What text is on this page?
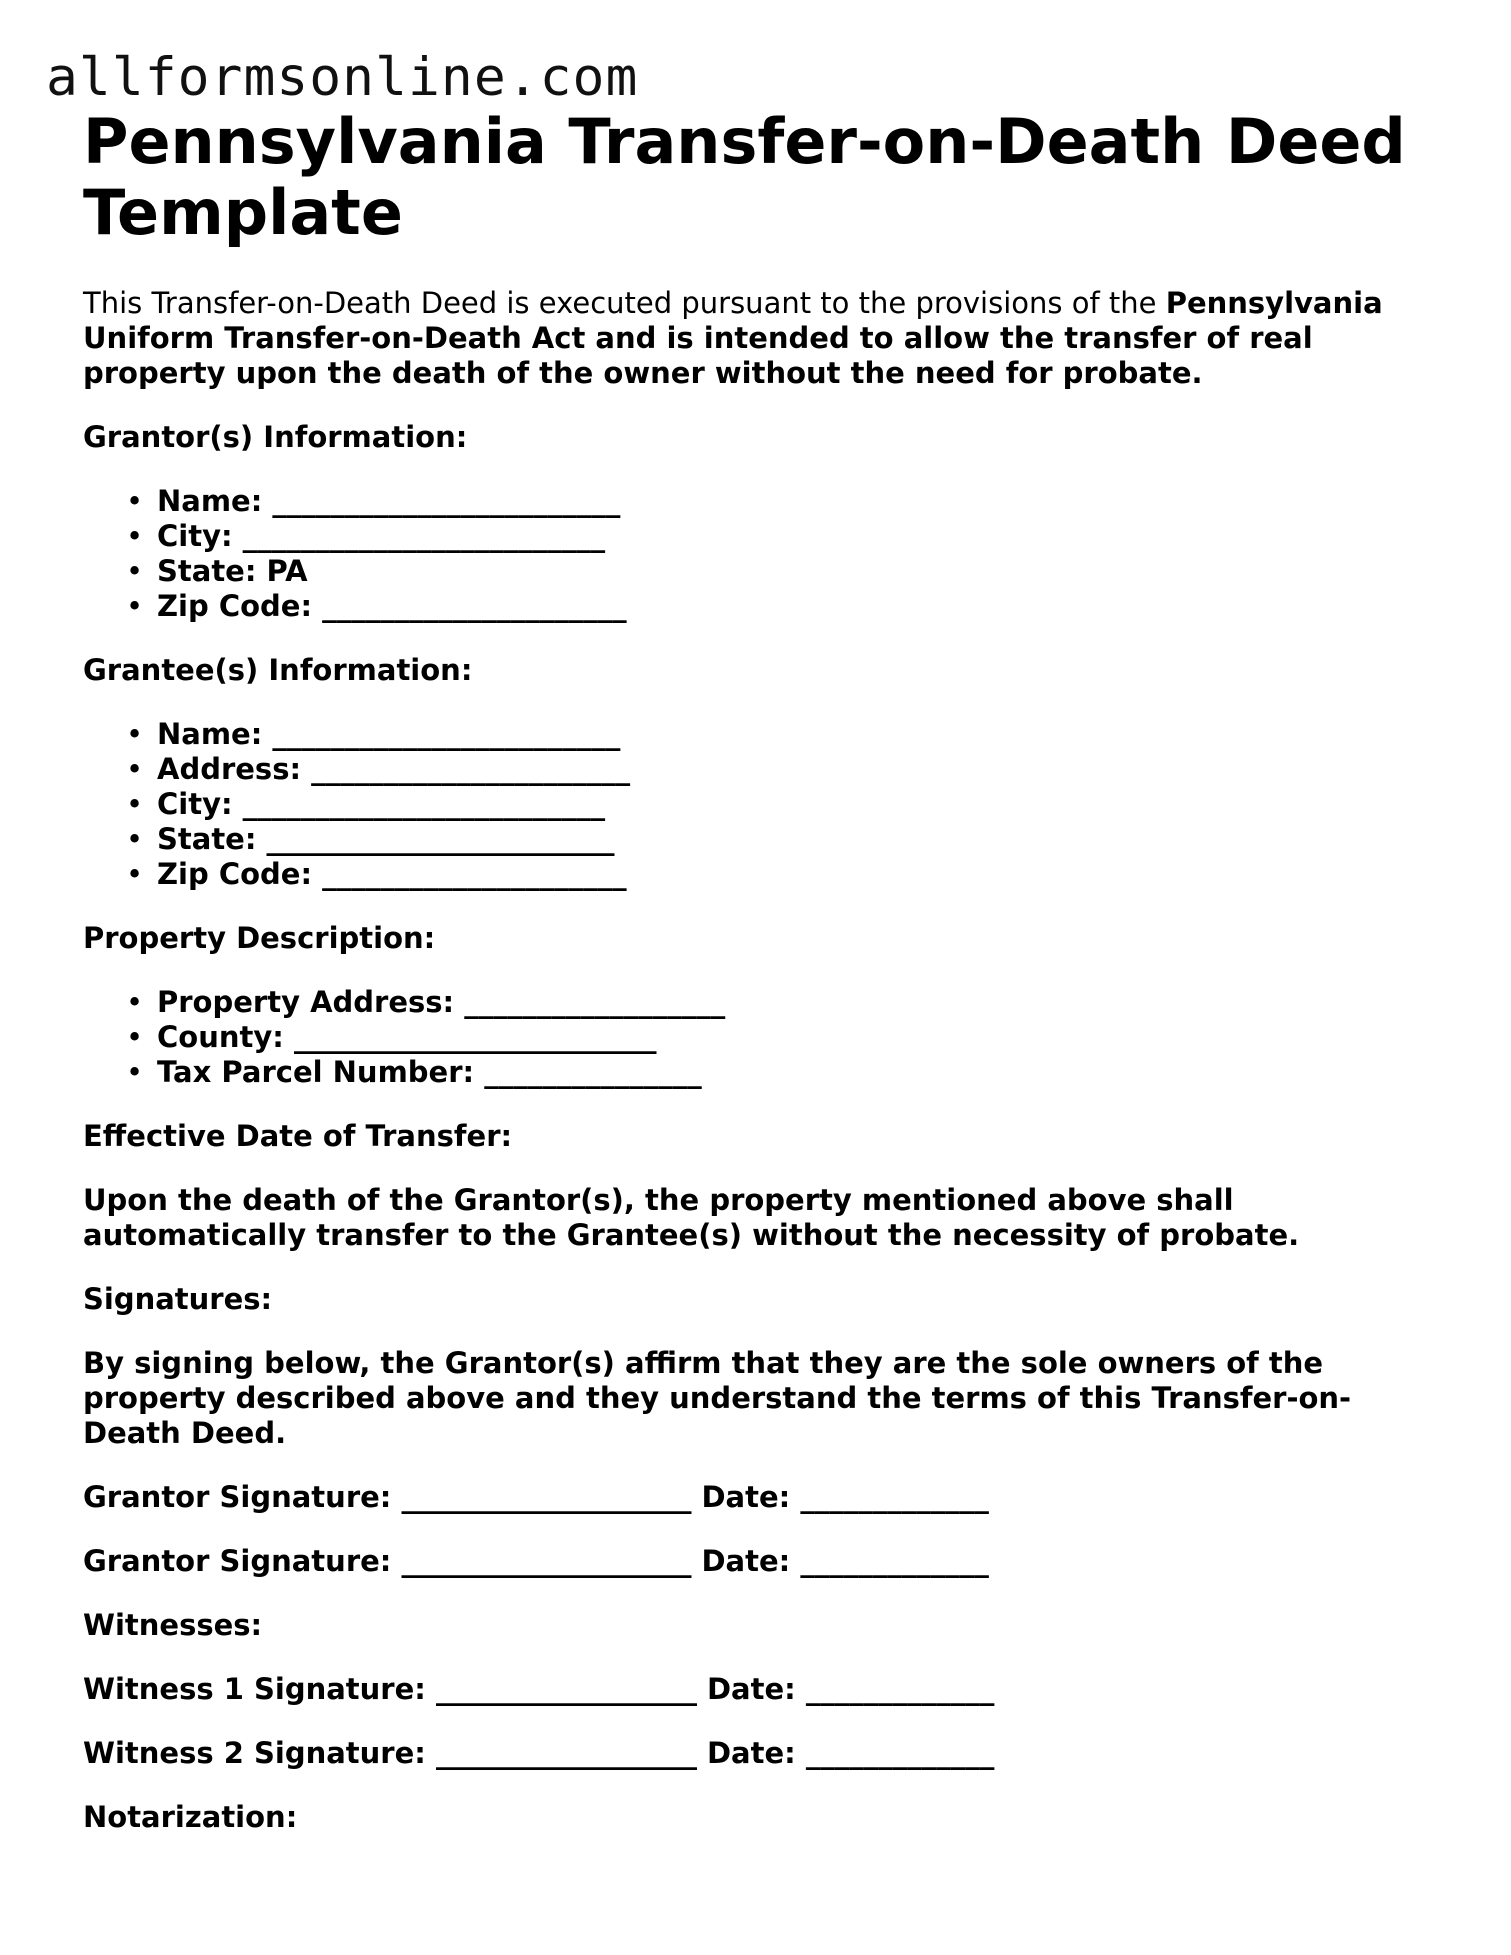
allformsonline.com
Pennsylvania Transfer-on-Death Deed Template

This Transfer-on-Death Deed is executed pursuant to the provisions of the Pennsylvania Uniform Transfer-on-Death Act and is intended to allow the transfer of real property upon the death of the owner without the need for probate.

Grantor(s) Information:

• Name: ________________________
• City: _________________________
• State: PA
• Zip Code: _____________________

Grantee(s) Information:

• Name: ________________________
• Address: ______________________
• City: _________________________
• State: ________________________
• Zip Code: _____________________

Property Description:

• Property Address: __________________
• County: _________________________
• Tax Parcel Number: _______________

Effective Date of Transfer:

Upon the death of the Grantor(s), the property mentioned above shall automatically transfer to the Grantee(s) without the necessity of probate.

Signatures:

By signing below, the Grantor(s) affirm that they are the sole owners of the property described above and they understand the terms of this Transfer-on-Death Deed.

Grantor Signature: ____________________ Date: _____________

Grantor Signature: ____________________ Date: _____________

Witnesses:

Witness 1 Signature: __________________ Date: _____________

Witness 2 Signature: __________________ Date: _____________

Notarization:
